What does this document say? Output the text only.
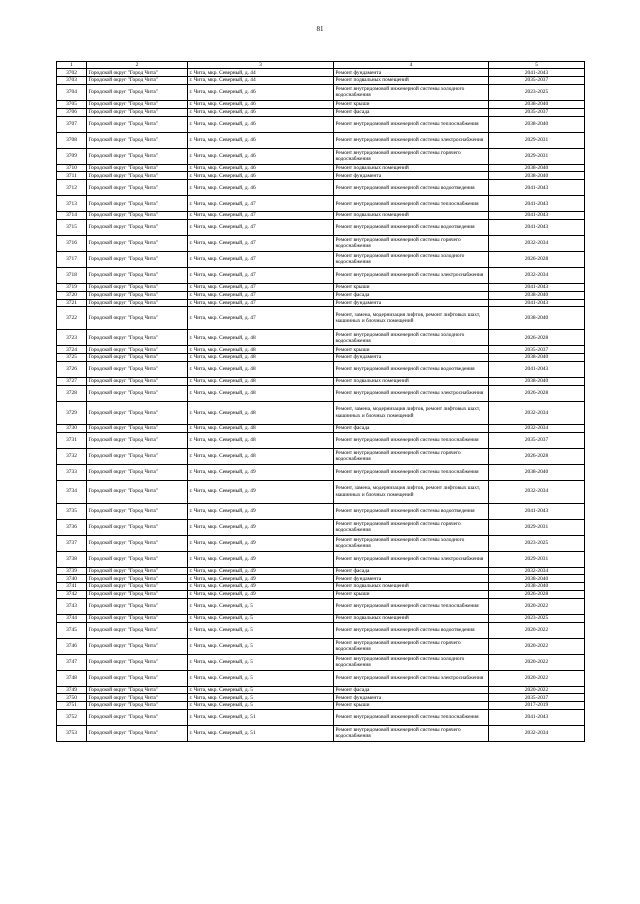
81
1	2	3	4	5
3702	Городской округ "Город Чита"	г. Чита, мкр. Северный, д. 44	Ремонт фундамента	2041-2043
3703	Городской округ "Город Чита"	г. Чита, мкр. Северный, д. 44	Ремонт подвальных помещений	2035-2037
3704	Городской округ "Город Чита"	г. Чита, мкр. Северный, д. 46	Ремонт внутридомовой инженерной системы холодного водоснабжения	2023-2025
3705	Городской округ "Город Чита"	г. Чита, мкр. Северный, д. 46	Ремонт крыши	2038-2040
3706	Городской округ "Город Чита"	г. Чита, мкр. Северный, д. 46	Ремонт фасада	2035-2037
3707	Городской округ "Город Чита"	г. Чита, мкр. Северный, д. 46	Ремонт внутридомовой инженерной системы теплоснабжения	2038-2040
3708	Городской округ "Город Чита"	г. Чита, мкр. Северный, д. 46	Ремонт внутридомовой инженерной системы электроснабжения	2029-2031
3709	Городской округ "Город Чита"	г. Чита, мкр. Северный, д. 46	Ремонт внутридомовой инженерной системы горячего водоснабжения	2029-2031
3710	Городской округ "Город Чита"	г. Чита, мкр. Северный, д. 46	Ремонт подвальных помещений	2038-2040
3711	Городской округ "Город Чита"	г. Чита, мкр. Северный, д. 46	Ремонт фундамента	2038-2040
3712	Городской округ "Город Чита"	г. Чита, мкр. Северный, д. 46	Ремонт внутридомовой инженерной системы водоотведения	2041-2043
3713	Городской округ "Город Чита"	г. Чита, мкр. Северный, д. 47	Ремонт внутридомовой инженерной системы теплоснабжения	2041-2043
3714	Городской округ "Город Чита"	г. Чита, мкр. Северный, д. 47	Ремонт подвальных помещений	2041-2043
3715	Городской округ "Город Чита"	г. Чита, мкр. Северный, д. 47	Ремонт внутридомовой инженерной системы водоотведения	2041-2043
3716	Городской округ "Город Чита"	г. Чита, мкр. Северный, д. 47	Ремонт внутридомовой инженерной системы горячего водоснабжения	2032-2034
3717	Городской округ "Город Чита"	г. Чита, мкр. Северный, д. 47	Ремонт внутридомовой инженерной системы холодного водоснабжения	2026-2028
3718	Городской округ "Город Чита"	г. Чита, мкр. Северный, д. 47	Ремонт внутридомовой инженерной системы электроснабжения	2032-2034
3719	Городской округ "Город Чита"	г. Чита, мкр. Северный, д. 47	Ремонт крыши	2041-2043
3720	Городской округ "Город Чита"	г. Чита, мкр. Северный, д. 47	Ремонт фасада	2038-2040
3721	Городской округ "Город Чита"	г. Чита, мкр. Северный, д. 47	Ремонт фундамента	2041-2043
3722	Городской округ "Город Чита"	г. Чита, мкр. Северный, д. 47	Ремонт, замена, модернизация лифтов, ремонт лифтовых шахт, машинных и блочных помещений	2038-2040
3723	Городской округ "Город Чита"	г. Чита, мкр. Северный, д. 48	Ремонт внутридомовой инженерной системы холодного водоснабжения	2026-2028
3724	Городской округ "Город Чита"	г. Чита, мкр. Северный, д. 48	Ремонт крыши	2035-2037
3725	Городской округ "Город Чита"	г. Чита, мкр. Северный, д. 48	Ремонт фундамента	2038-2040
3726	Городской округ "Город Чита"	г. Чита, мкр. Северный, д. 48	Ремонт внутридомовой инженерной системы водоотведения	2041-2043
3727	Городской округ "Город Чита"	г. Чита, мкр. Северный, д. 48	Ремонт подвальных помещений	2038-2040
3728	Городской округ "Город Чита"	г. Чита, мкр. Северный, д. 48	Ремонт внутридомовой инженерной системы электроснабжения	2026-2028
3729	Городской округ "Город Чита"	г. Чита, мкр. Северный, д. 48	Ремонт, замена, модернизация лифтов, ремонт лифтовых шахт, машинных и блочных помещений	2032-2034
3730	Городской округ "Город Чита"	г. Чита, мкр. Северный, д. 48	Ремонт фасада	2032-2034
3731	Городской округ "Город Чита"	г. Чита, мкр. Северный, д. 48	Ремонт внутридомовой инженерной системы теплоснабжения	2035-2037
3732	Городской округ "Город Чита"	г. Чита, мкр. Северный, д. 48	Ремонт внутридомовой инженерной системы горячего водоснабжения	2026-2028
3733	Городской округ "Город Чита"	г. Чита, мкр. Северный, д. 49	Ремонт внутридомовой инженерной системы теплоснабжения	2038-2040
3734	Городской округ "Город Чита"	г. Чита, мкр. Северный, д. 49	Ремонт, замена, модернизация лифтов, ремонт лифтовых шахт, машинных и блочных помещений	2032-2034
3735	Городской округ "Город Чита"	г. Чита, мкр. Северный, д. 49	Ремонт внутридомовой инженерной системы водоотведения	2041-2043
3736	Городской округ "Город Чита"	г. Чита, мкр. Северный, д. 49	Ремонт внутридомовой инженерной системы горячего водоснабжения	2029-2031
3737	Городской округ "Город Чита"	г. Чита, мкр. Северный, д. 49	Ремонт внутридомовой инженерной системы холодного водоснабжения	2023-2025
3738	Городской округ "Город Чита"	г. Чита, мкр. Северный, д. 49	Ремонт внутридомовой инженерной системы электроснабжения	2029-2031
3739	Городской округ "Город Чита"	г. Чита, мкр. Северный, д. 49	Ремонт фасада	2032-2034
3740	Городской округ "Город Чита"	г. Чита, мкр. Северный, д. 49	Ремонт фундамента	2038-2040
3741	Городской округ "Город Чита"	г. Чита, мкр. Северный, д. 49	Ремонт подвальных помещений	2038-2040
3742	Городской округ "Город Чита"	г. Чита, мкр. Северный, д. 49	Ремонт крыши	2026-2028
3743	Городской округ "Город Чита"	г. Чита, мкр. Северный, д. 5	Ремонт внутридомовой инженерной системы теплоснабжения	2020-2022
3744	Городской округ "Город Чита"	г. Чита, мкр. Северный, д. 5	Ремонт подвальных помещений	2023-2025
3745	Городской округ "Город Чита"	г. Чита, мкр. Северный, д. 5	Ремонт внутридомовой инженерной системы водоотведения	2020-2022
3746	Городской округ "Город Чита"	г. Чита, мкр. Северный, д. 5	Ремонт внутридомовой инженерной системы горячего водоснабжения	2020-2022
3747	Городской округ "Город Чита"	г. Чита, мкр. Северный, д. 5	Ремонт внутридомовой инженерной системы холодного водоснабжения	2020-2022
3748	Городской округ "Город Чита"	г. Чита, мкр. Северный, д. 5	Ремонт внутридомовой инженерной системы электроснабжения	2020-2022
3749	Городской округ "Город Чита"	г. Чита, мкр. Северный, д. 5	Ремонт фасада	2020-2022
3750	Городской округ "Город Чита"	г. Чита, мкр. Северный, д. 5	Ремонт фундамента	2035-2037
3751	Городской округ "Город Чита"	г. Чита, мкр. Северный, д. 5	Ремонт крыши	2017-2019
3752	Городской округ "Город Чита"	г. Чита, мкр. Северный, д. 51	Ремонт внутридомовой инженерной системы теплоснабжения	2041-2043
3753	Городской округ "Город Чита"	г. Чита, мкр. Северный, д. 51	Ремонт внутридомовой инженерной системы горячего водоснабжения	2032-2034
